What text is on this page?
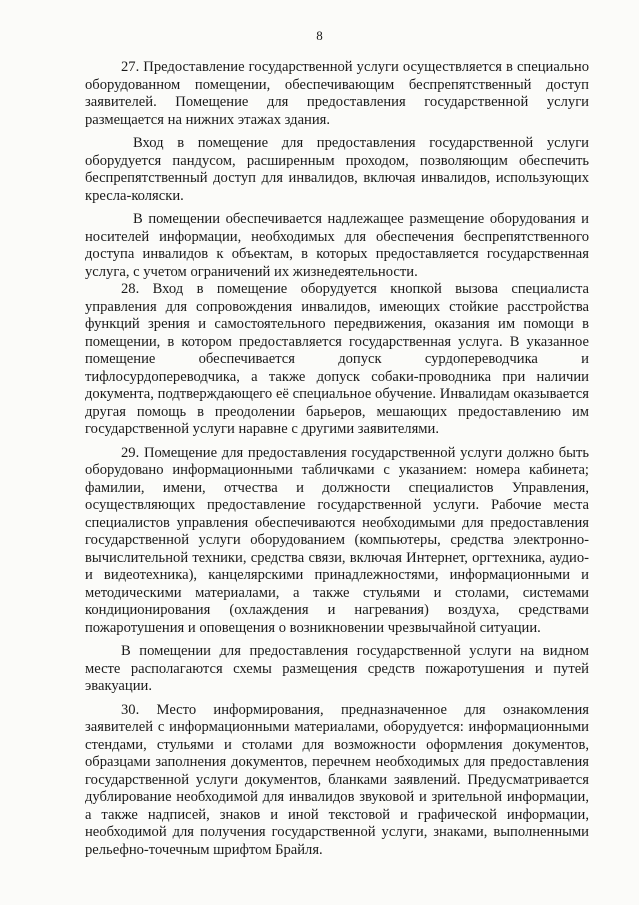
8

27. Предоставление государственной услуги осуществляется в специально оборудованном помещении, обеспечивающим беспрепятственный доступ заявителей. Помещение для предоставления государственной услуги размещается на нижних этажах здания.

Вход в помещение для предоставления государственной услуги оборудуется пандусом, расширенным проходом, позволяющим обеспечить беспрепятственный доступ для инвалидов, включая инвалидов, использующих кресла-коляски.

В помещении обеспечивается надлежащее размещение оборудования и носителей информации, необходимых для обеспечения беспрепятственного доступа инвалидов к объектам, в которых предоставляется государственная услуга, с учетом ограничений их жизнедеятельности.

28. Вход в помещение оборудуется кнопкой вызова специалиста управления для сопровождения инвалидов, имеющих стойкие расстройства функций зрения и самостоятельного передвижения, оказания им помощи в помещении, в котором предоставляется государственная услуга. В указанное помещение обеспечивается допуск сурдопереводчика и тифлосурдопереводчика, а также допуск собаки-проводника при наличии документа, подтверждающего её специальное обучение. Инвалидам оказывается другая помощь в преодолении барьеров, мешающих предоставлению им государственной услуги наравне с другими заявителями.

29. Помещение для предоставления государственной услуги должно быть оборудовано информационными табличками с указанием: номера кабинета; фамилии, имени, отчества и должности специалистов Управления, осуществляющих предоставление государственной услуги. Рабочие места специалистов управления обеспечиваются необходимыми для предоставления государственной услуги оборудованием (компьютеры, средства электронно- вычислительной техники, средства связи, включая Интернет, оргтехника, аудио- и видеотехника), канцелярскими принадлежностями, информационными и методическими материалами, а также стульями и столами, системами кондиционирования (охлаждения и нагревания) воздуха, средствами пожаротушения и оповещения о возникновении чрезвычайной ситуации.

В помещении для предоставления государственной услуги на видном месте располагаются схемы размещения средств пожаротушения и путей эвакуации.

30. Место информирования, предназначенное для ознакомления заявителей с информационными материалами, оборудуется: информационными стендами, стульями и столами для возможности оформления документов, образцами заполнения документов, перечнем необходимых для предоставления государственной услуги документов, бланками заявлений. Предусматривается дублирование необходимой для инвалидов звуковой и зрительной информации, а также надписей, знаков и иной текстовой и графической информации, необходимой для получения государственной услуги, знаками, выполненными рельефно-точечным шрифтом Брайля.
